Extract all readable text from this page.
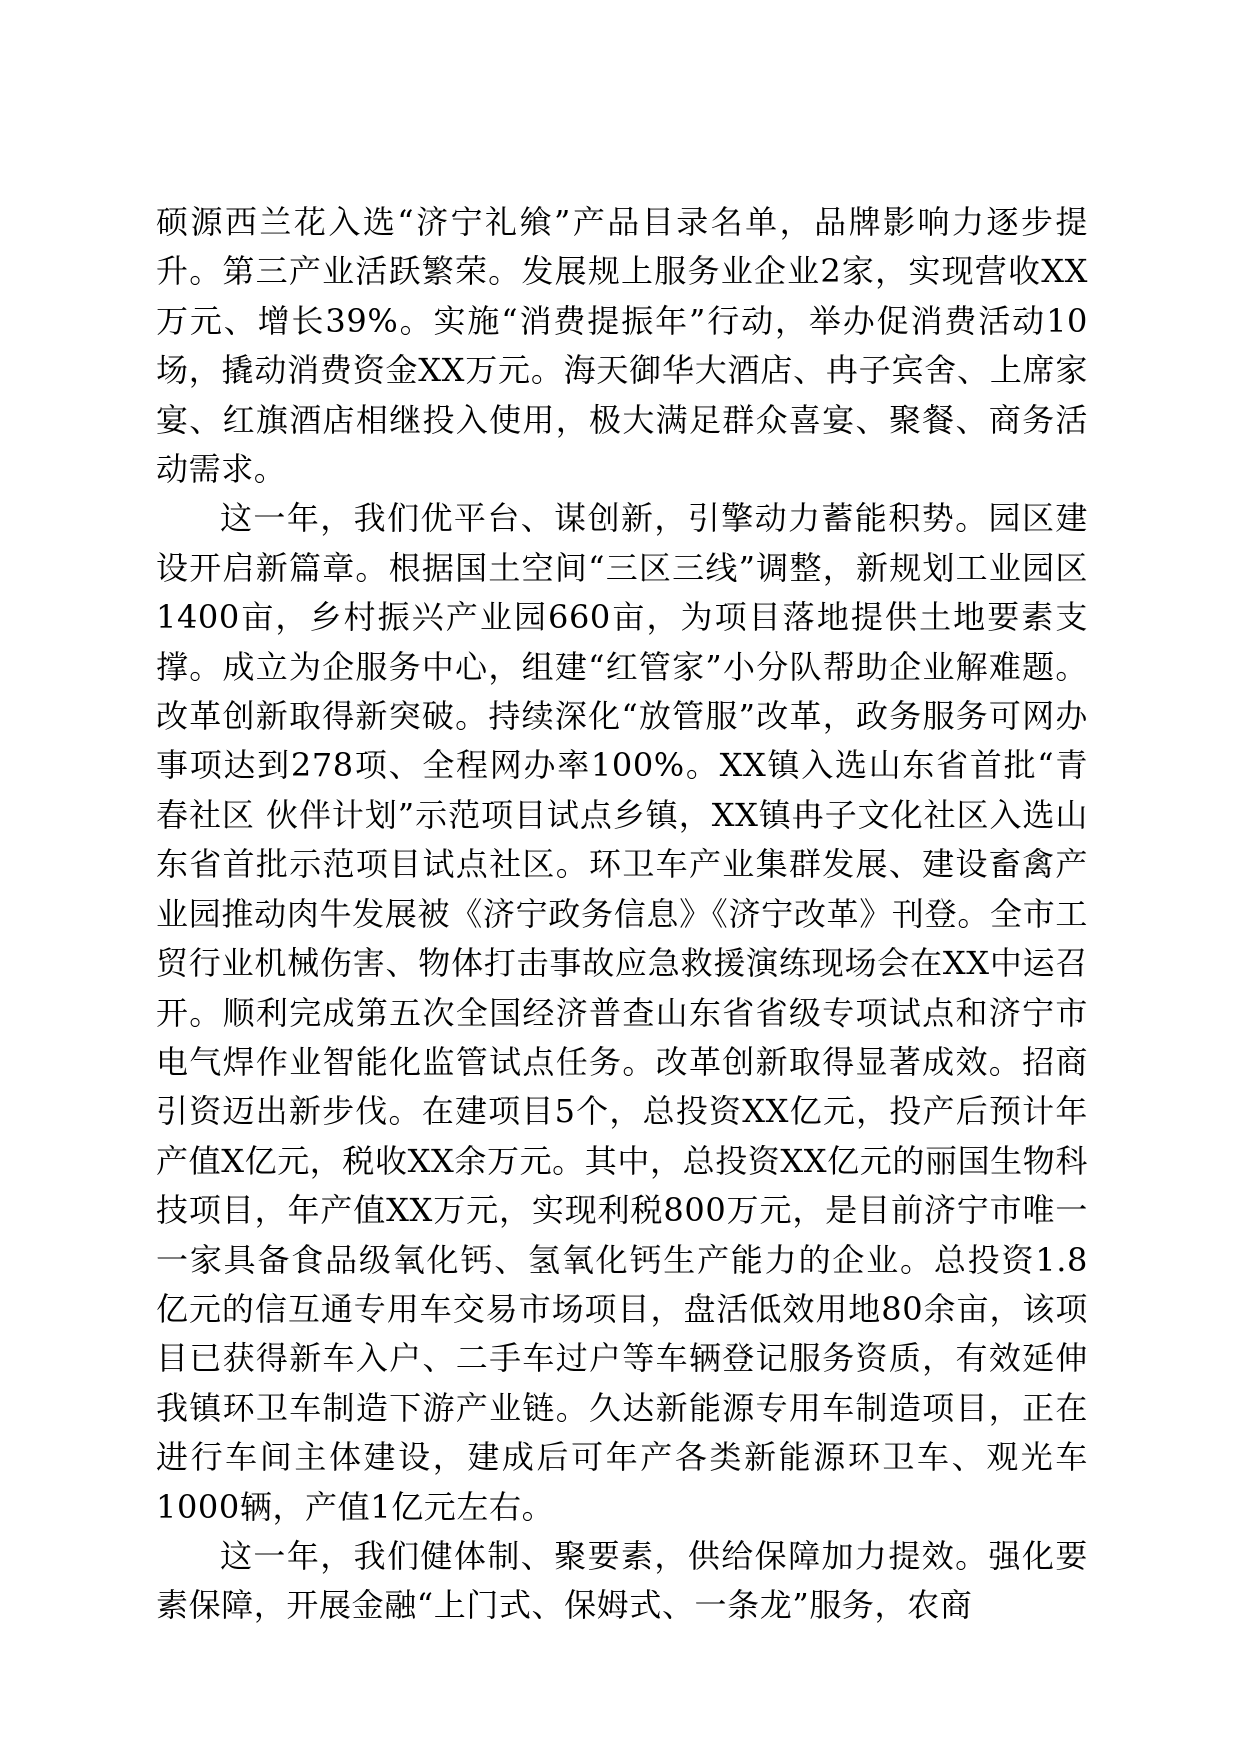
硕源西兰花入选“济宁礼飨”产品目录名单，品牌影响力逐步提升。第三产业活跃繁荣。发展规上服务业企业2家，实现营收XX万元、增长39%。实施“消费提振年”行动，举办促消费活动10场，撬动消费资金XX万元。海天御华大酒店、冉子宾舍、上席家宴、红旗酒店相继投入使用，极大满足群众喜宴、聚餐、商务活动需求。

这一年，我们优平台、谋创新，引擎动力蓄能积势。园区建设开启新篇章。根据国土空间“三区三线”调整，新规划工业园区1400亩，乡村振兴产业园660亩，为项目落地提供土地要素支撑。成立为企服务中心，组建“红管家”小分队帮助企业解难题。改革创新取得新突破。持续深化“放管服”改革，政务服务可网办事项达到278项、全程网办率100%。XX镇入选山东省首批“青春社区 伙伴计划”示范项目试点乡镇，XX镇冉子文化社区入选山东省首批示范项目试点社区。环卫车产业集群发展、建设畜禽产业园推动肉牛发展被《济宁政务信息》《济宁改革》刊登。全市工贸行业机械伤害、物体打击事故应急救援演练现场会在XX中运召开。顺利完成第五次全国经济普查山东省省级专项试点和济宁市电气焊作业智能化监管试点任务。改革创新取得显著成效。招商引资迈出新步伐。在建项目5个，总投资XX亿元，投产后预计年产值X亿元，税收XX余万元。其中，总投资XX亿元的丽国生物科技项目，年产值XX万元，实现利税800万元，是目前济宁市唯一一家具备食品级氧化钙、氢氧化钙生产能力的企业。总投资1.8亿元的信互通专用车交易市场项目，盘活低效用地80余亩，该项目已获得新车入户、二手车过户等车辆登记服务资质，有效延伸我镇环卫车制造下游产业链。久达新能源专用车制造项目，正在进行车间主体建设，建成后可年产各类新能源环卫车、观光车1000辆，产值1亿元左右。

这一年，我们健体制、聚要素，供给保障加力提效。强化要素保障，开展金融“上门式、保姆式、一条龙”服务，农商
